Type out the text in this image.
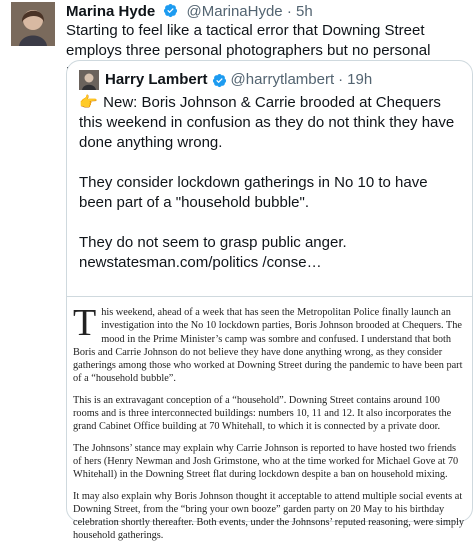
Marina Hyde @MarinaHyde · 5h
Starting to feel like a tactical error that Downing Street employs three personal photographers but no personal
Harry Lambert @harrytlambert · 19h

👉 New: Boris Johnson & Carrie brooded at Chequers this weekend in confusion as they do not think they have done anything wrong.

They consider lockdown gatherings in No 10 to have been part of a "household bubble".

They do not seem to grasp public anger. newstatesman.com/politics /conse…

This weekend, ahead of a week that has seen the Metropolitan Police finally launch an investigation into the No 10 lockdown parties, Boris Johnson brooded at Chequers. The mood in the Prime Minister’s camp was sombre and confused. I understand that both Boris and Carrie Johnson do not believe they have done anything wrong, as they consider gatherings among those who worked at Downing Street during the pandemic to have been part of a “household bubble”.

This is an extravagant conception of a “household”. Downing Street contains around 100 rooms and is three interconnected buildings: numbers 10, 11 and 12. It also incorporates the grand Cabinet Office building at 70 Whitehall, to which it is connected by a private door.

The Johnsons’ stance may explain why Carrie Johnson is reported to have hosted two friends of hers (Henry Newman and Josh Grimstone, who at the time worked for Michael Gove at 70 Whitehall) in the Downing Street flat during lockdown despite a ban on household mixing.

It may also explain why Boris Johnson thought it acceptable to attend multiple social events at Downing Street, from the “bring your own booze” garden party on 20 May to his birthday celebration shortly thereafter. Both events, under the Johnsons’ reputed reasoning, were simply household gatherings.
